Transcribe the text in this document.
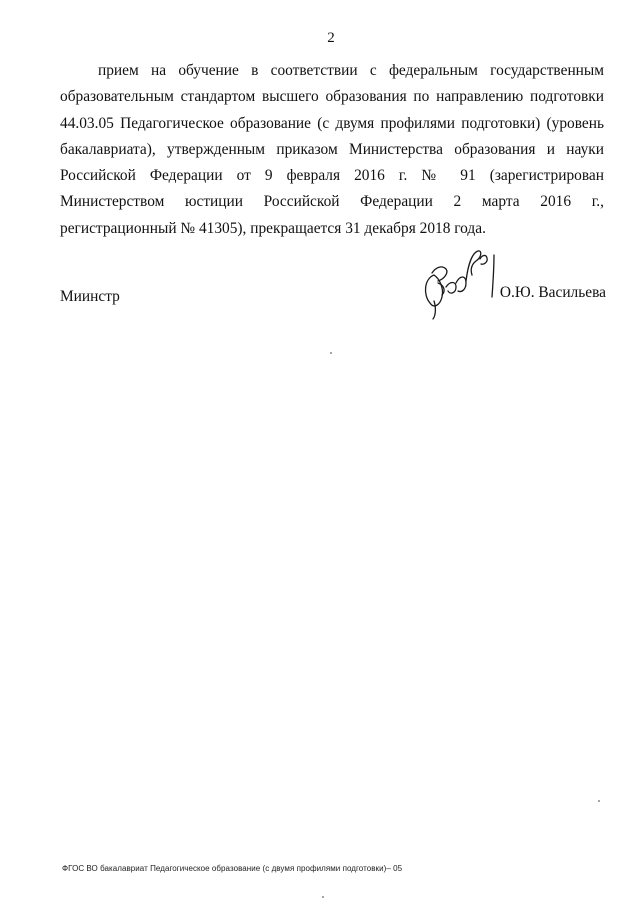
2

прием на обучение в соответствии с федеральным государственным образовательным стандартом высшего образования по направлению подготовки 44.03.05 Педагогическое образование (с двумя профилями подготовки) (уровень бакалавриата), утвержденным приказом Министерства образования и науки Российской Федерации от 9 февраля 2016 г. № 91 (зарегистрирован Министерством юстиции Российской Федерации 2 марта 2016 г., регистрационный № 41305), прекращается 31 декабря 2018 года.

Миинстр	О.Ю. Васильева
ФГОС ВО бакалавриат Педагогическое образование (с двумя профилями подготовки)– 05
